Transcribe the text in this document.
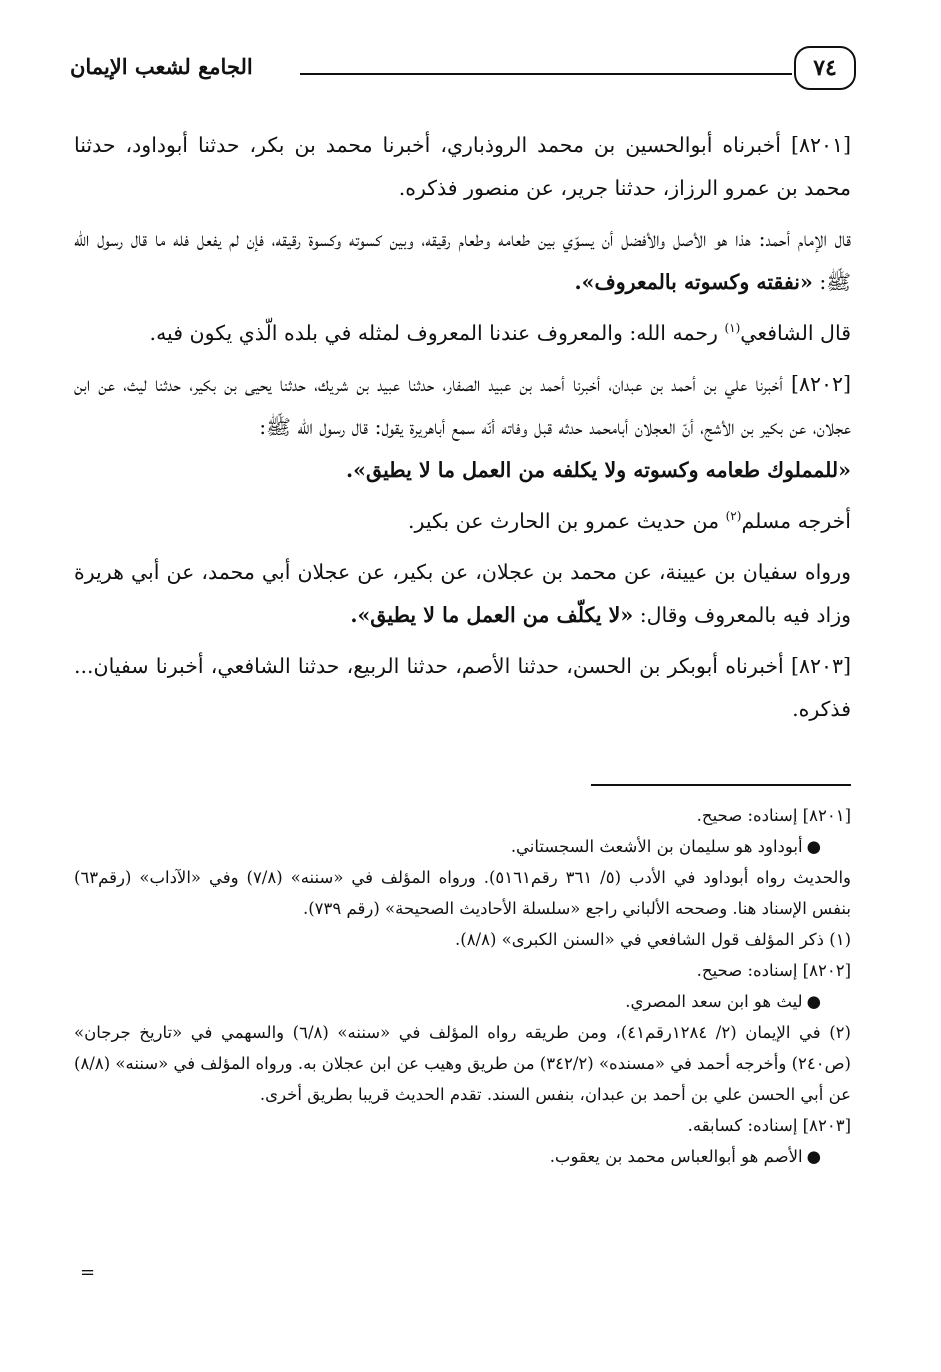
٧٤
الجامع لشعب الإيمان

[٨٢٠١] أخبرناه أبوالحسين بن محمد الروذباري، أخبرنا محمد بن بكر، حدثنا أبوداود، حدثنا محمد بن عمرو الرزاز، حدثنا جرير، عن منصور فذكره.

قال الإمام أحمد: هذا هو الأصل والأفضل أن يسوّي بين طعامه وطعام رقيقه، وبين كسوته وكسوة رقيقه، فإن لم يفعل فله ما قال رسول الله ﷺ: «نفقته وكسوته بالمعروف».

قال الشافعي$^{(١)}$ رحمه الله: والمعروف عندنا المعروف لمثله في بلده الّذي يكون فيه.

[٨٢٠٢] أخبرنا علي بن أحمد بن عبدان، أخبرنا أحمد بن عبيد الصفار، حدثنا عبيد بن شريك، حدثنا يحيى بن بكير، حدثنا ليث، عن ابن عجلان، عن بكير بن الأشج، أنّ العجلان أبامحمد حدثه قبل وفاته أنّه سمع أباهريرة يقول: قال رسول الله ﷺ:
«للمملوك طعامه وكسوته ولا يكلفه من العمل ما لا يطيق».

أخرجه مسلم$^{(٢)}$ من حديث عمرو بن الحارث عن بكير.

ورواه سفيان بن عيينة، عن محمد بن عجلان، عن بكير، عن عجلان أبي محمد، عن أبي هريرة وزاد فيه بالمعروف وقال: «لا يكلّف من العمل ما لا يطيق».

[٨٢٠٣] أخبرناه أبوبكر بن الحسن، حدثنا الأصم، حدثنا الربيع، حدثنا الشافعي، أخبرنا سفيان... فذكره.

[٨٢٠١] إسناده: صحيح.

●أبوداود هو سليمان بن الأشعث السجستاني.

والحديث رواه أبوداود في الأدب (٥/ ٣٦١ رقم٥١٦١). ورواه المؤلف في «سننه» (٧/٨) وفي «الآداب» (رقم٦٣) بنفس الإسناد هنا. وصححه الألباني راجع «سلسلة الأحاديث الصحيحة» (رقم ٧٣٩).

(١) ذكر المؤلف قول الشافعي في «السنن الكبرى» (٨/٨).

[٨٢٠٢] إسناده: صحيح.

●ليث هو ابن سعد المصري.

(٢) في الإيمان (٢/ ١٢٨٤رقم٤١)، ومن طريقه رواه المؤلف في «سننه» (٦/٨) والسهمي في «تاريخ جرجان» (ص٢٤٠) وأخرجه أحمد في «مسنده» (٣٤٢/٢) من طريق وهيب عن ابن عجلان به. ورواه المؤلف في «سننه» (٨/٨) عن أبي الحسن علي بن أحمد بن عبدان، بنفس السند. تقدم الحديث قريبا بطريق أخرى.

[٨٢٠٣] إسناده: كسابقه.

●الأصم هو أبوالعباس محمد بن يعقوب.

=
